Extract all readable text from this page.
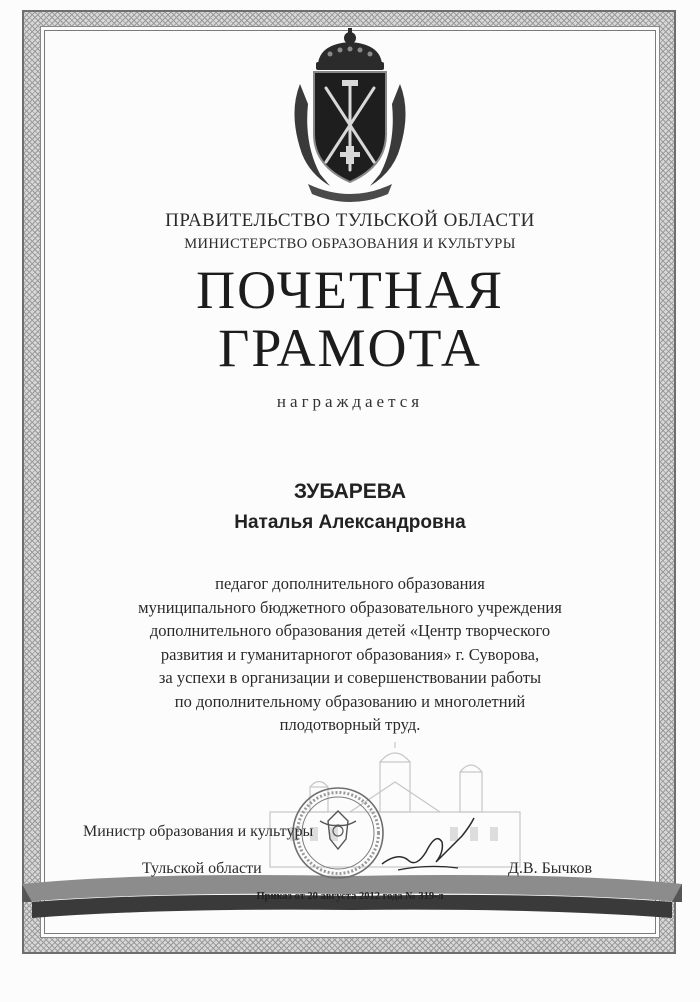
ПРАВИТЕЛЬСТВО ТУЛЬСКОЙ ОБЛАСТИ
МИНИСТЕРСТВО ОБРАЗОВАНИЯ И КУЛЬТУРЫ
ПОЧЕТНАЯ
ГРАМОТА
награждается
ЗУБАРЕВА
Наталья Александровна
педагог дополнительного образования
муниципального бюджетного образовательного учреждения
дополнительного образования детей «Центр творческого
развития и гуманитарногот образования» г. Суворова,
за успехи в организации и совершенствовании работы
по дополнительному образованию и многолетний
плодотворный труд.
Министр образования и культуры
Тульской области	Д.В. Бычков
Приказ от 20 августа 2012 года № 319-л
